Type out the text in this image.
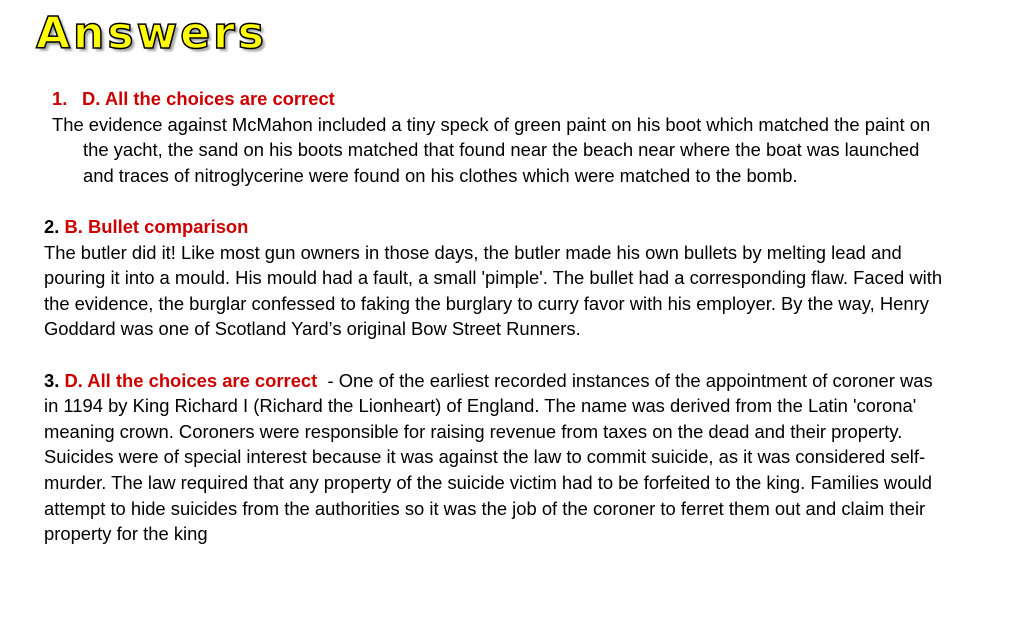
Answers
1. D. All the choices are correct
The evidence against McMahon included a tiny speck of green paint on his boot which matched the paint on the yacht, the sand on his boots matched that found near the beach near where the boat was launched and traces of nitroglycerine were found on his clothes which were matched to the bomb.
2. B. Bullet comparison
The butler did it! Like most gun owners in those days, the butler made his own bullets by melting lead and pouring it into a mould. His mould had a fault, a small 'pimple'. The bullet had a corresponding flaw. Faced with the evidence, the burglar confessed to faking the burglary to curry favor with his employer. By the way, Henry Goddard was one of Scotland Yard’s original Bow Street Runners.
3. D. All the choices are correct  - One of the earliest recorded instances of the appointment of coroner was in 1194 by King Richard I (Richard the Lionheart) of England. The name was derived from the Latin 'corona' meaning crown. Coroners were responsible for raising revenue from taxes on the dead and their property. Suicides were of special interest because it was against the law to commit suicide, as it was considered self-murder. The law required that any property of the suicide victim had to be forfeited to the king. Families would attempt to hide suicides from the authorities so it was the job of the coroner to ferret them out and claim their property for the king
